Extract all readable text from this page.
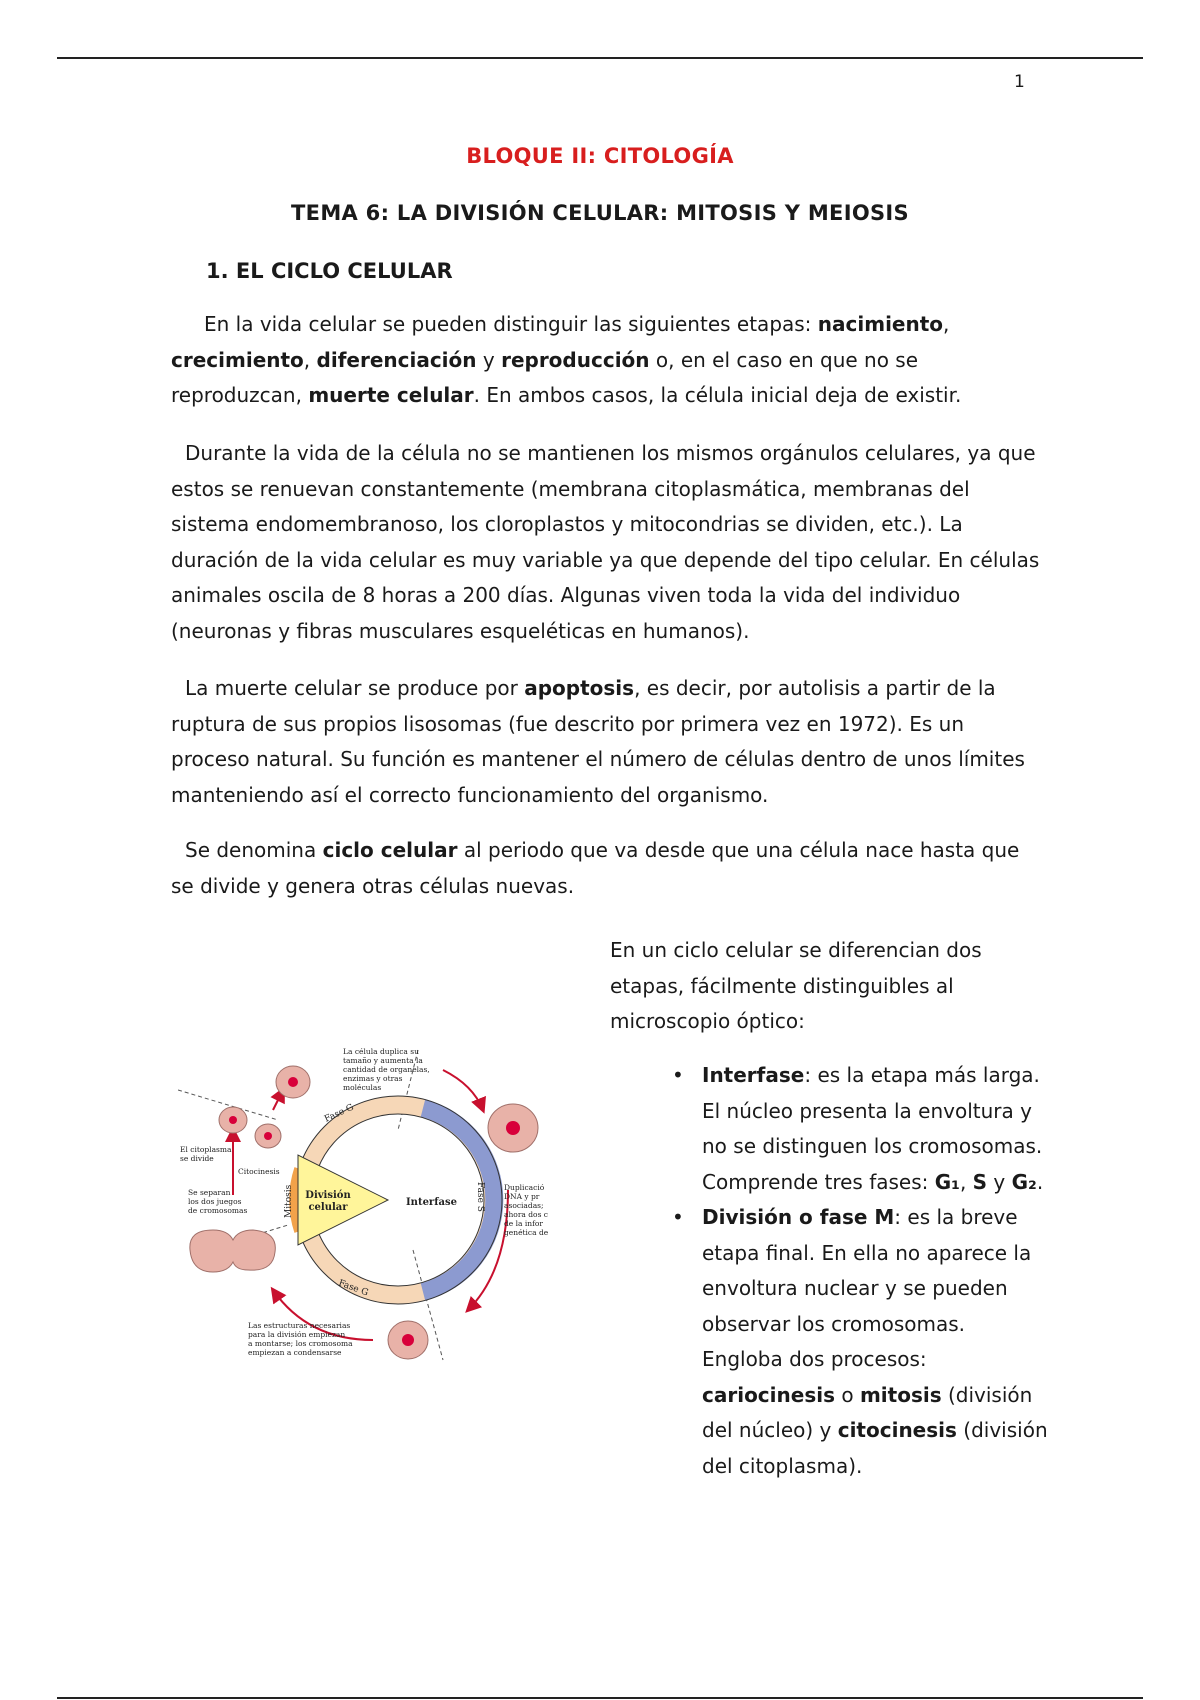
1
BLOQUE II: CITOLOGÍA
TEMA 6: LA DIVISIÓN CELULAR: MITOSIS Y MEIOSIS
1. EL CICLO CELULAR
En la vida celular se pueden distinguir las siguientes etapas: nacimiento, crecimiento, diferenciación y reproducción o, en el caso en que no se reproduzcan, muerte celular. En ambos casos, la célula inicial deja de existir.
Durante la vida de la célula no se mantienen los mismos orgánulos celulares, ya que estos se renuevan constantemente (membrana citoplasmática, membranas del sistema endomembranoso, los cloroplastos y mitocondrias se dividen, etc.). La duración de la vida celular es muy variable ya que depende del tipo celular. En células animales oscila de 8 horas a 200 días. Algunas viven toda la vida del individuo (neuronas y fibras musculares esqueléticas en humanos).
La muerte celular se produce por apoptosis, es decir, por autolisis a partir de la ruptura de sus propios lisosomas (fue descrito por primera vez en 1972). Es un proceso natural. Su función es mantener el número de células dentro de unos límites manteniendo así el correcto funcionamiento del organismo.
Se denomina ciclo celular al periodo que va desde que una célula nace hasta que se divide y genera otras células nuevas.
En un ciclo celular se diferencian dos etapas, fácilmente distinguibles al microscopio óptico:
• Interfase: es la etapa más larga. El núcleo presenta la envoltura y no se distinguen los cromosomas. Comprende tres fases: G₁, S y G₂.
• División o fase M: es la breve etapa final. En ella no aparece la envoltura nuclear y se pueden observar los cromosomas. Engloba dos procesos: cariocinesis o mitosis (división del núcleo) y citocinesis (división del citoplasma).
División
celular	Interfase
Mitosis	Fase S
Fase G
Fase G
La célula duplica su
tamaño y aumenta la
cantidad de organelas,
enzimas y otras
moléculas
El citoplasma
se divide
Citocinesis
Se separan
los dos juegos
de cromosomas
Duplicació
DNA y pr
asociadas;
ahora dos c
de la infor
genética de
Las estructuras necesarias
para la división empiezan
a montarse; los cromosoma
empiezan a condensarse
